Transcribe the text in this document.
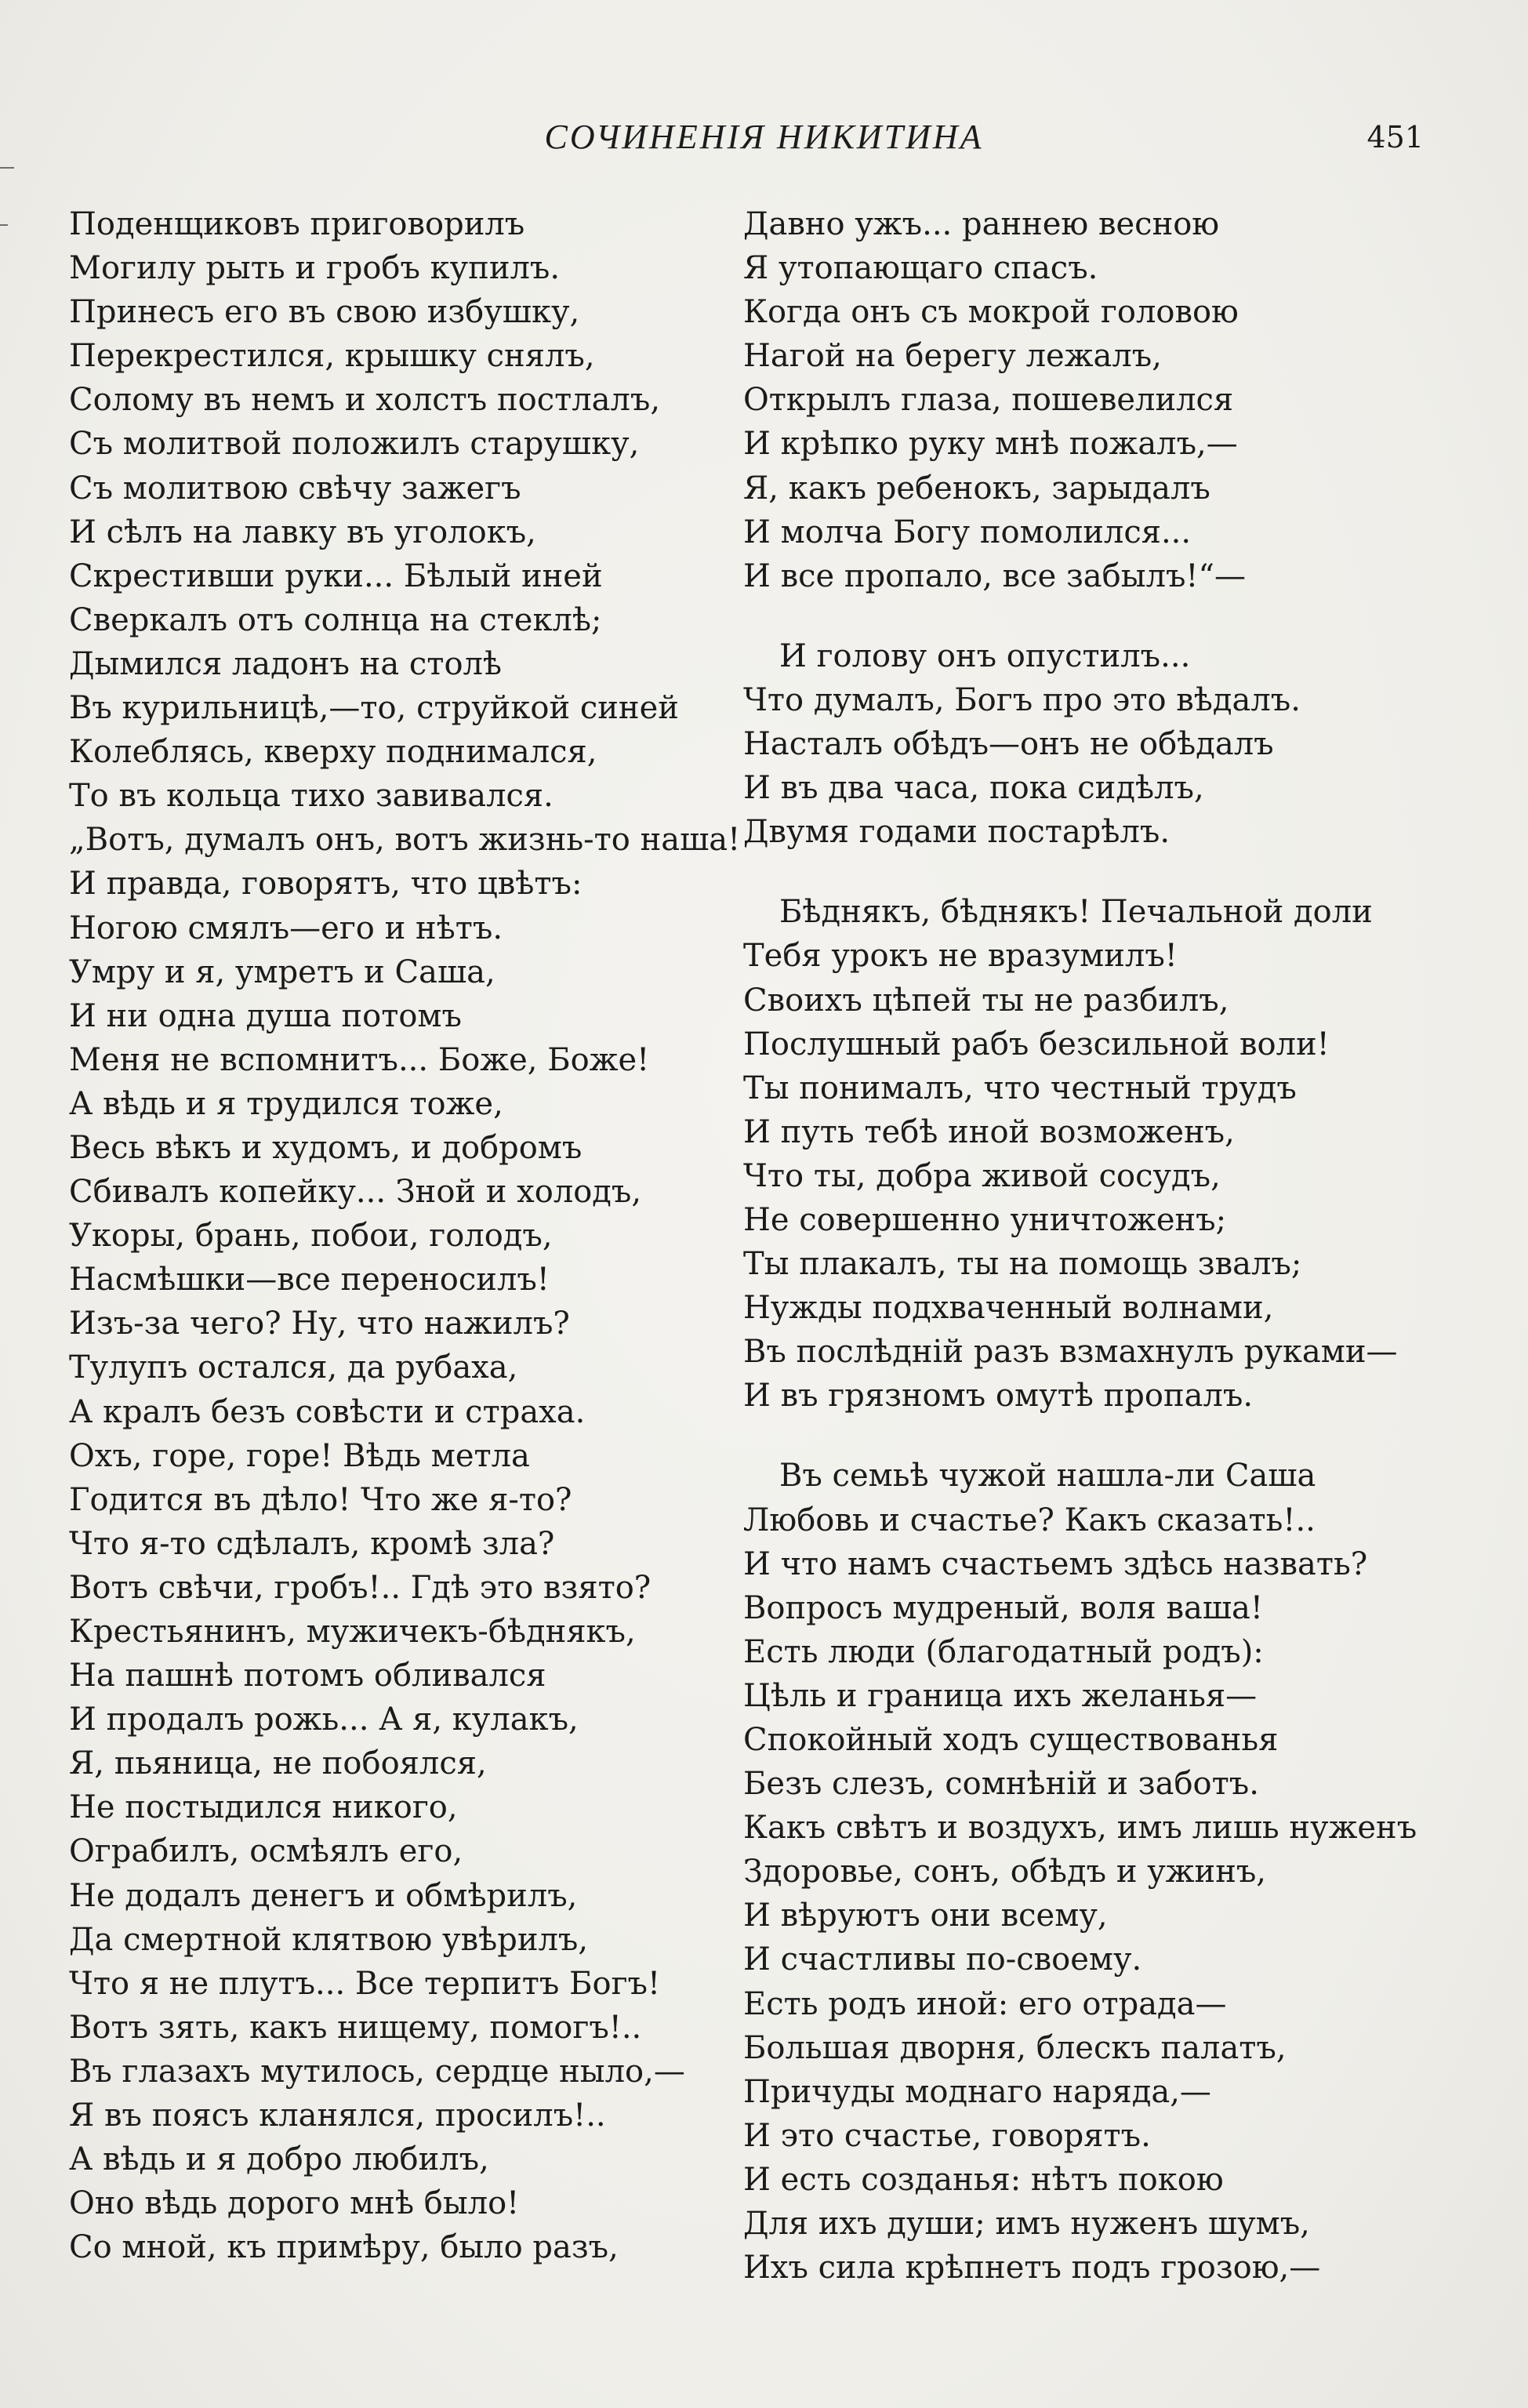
СОЧИНЕНІЯ НИКИТИНА	451
Поденщиковъ приговорилъ
Могилу рыть и гробъ купилъ.
Принесъ его въ свою избушку,
Перекрестился, крышку снялъ,
Солому въ немъ и холстъ постлалъ,
Съ молитвой положилъ старушку,
Съ молитвою свѣчу зажегъ
И сѣлъ на лавку въ уголокъ,
Скрестивши руки... Бѣлый иней
Сверкалъ отъ солнца на стеклѣ;
Дымился ладонъ на столѣ
Въ курильницѣ,—то, струйкой синей
Колеблясь, кверху поднимался,
То въ кольца тихо завивался.
„Вотъ, думалъ онъ, вотъ жизнь-то наша!
И правда, говорятъ, что цвѣтъ:
Ногою смялъ—его и нѣтъ.
Умру и я, умретъ и Саша,
И ни одна душа потомъ
Меня не вспомнитъ... Боже, Боже!
А вѣдь и я трудился тоже,
Весь вѣкъ и худомъ, и добромъ
Сбивалъ копейку... Зной и холодъ,
Укоры, брань, побои, голодъ,
Насмѣшки—все переносилъ!
Изъ-за чего? Ну, что нажилъ?
Тулупъ остался, да рубаха,
А кралъ безъ совѣсти и страха.
Охъ, горе, горе! Вѣдь метла
Годится въ дѣло! Что же я-то?
Что я-то сдѣлалъ, кромѣ зла?
Вотъ свѣчи, гробъ!.. Гдѣ это взято?
Крестьянинъ, мужичекъ-бѣднякъ,
На пашнѣ потомъ обливался
И продалъ рожь... А я, кулакъ,
Я, пьяница, не побоялся,
Не постыдился никого,
Ограбилъ, осмѣялъ его,
Не додалъ денегъ и обмѣрилъ,
Да смертной клятвою увѣрилъ,
Что я не плутъ... Все терпитъ Богъ!
Вотъ зять, какъ нищему, помогъ!..
Въ глазахъ мутилось, сердце ныло,—
Я въ поясъ кланялся, просилъ!..
А вѣдь и я добро любилъ,
Оно вѣдь дорого мнѣ было!
Со мной, къ примѣру, было разъ,
Давно ужъ... раннею весною
Я утопающаго спасъ.
Когда онъ съ мокрой головою
Нагой на берегу лежалъ,
Открылъ глаза, пошевелился
И крѣпко руку мнѣ пожалъ,—
Я, какъ ребенокъ, зарыдалъ
И молча Богу помолился...
И все пропало, все забылъ!“—
И голову онъ опустилъ...
Что думалъ, Богъ про это вѣдалъ.
Насталъ обѣдъ—онъ не обѣдалъ
И въ два часа, пока сидѣлъ,
Двумя годами постарѣлъ.
Бѣднякъ, бѣднякъ! Печальной доли
Тебя урокъ не вразумилъ!
Своихъ цѣпей ты не разбилъ,
Послушный рабъ безсильной воли!
Ты понималъ, что честный трудъ
И путь тебѣ иной возможенъ,
Что ты, добра живой сосудъ,
Не совершенно уничтоженъ;
Ты плакалъ, ты на помощь звалъ;
Нужды подхваченный волнами,
Въ послѣдній разъ взмахнулъ руками—
И въ грязномъ омутѣ пропалъ.
Въ семьѣ чужой нашла-ли Саша
Любовь и счастье? Какъ сказать!..
И что намъ счастьемъ здѣсь назвать?
Вопросъ мудреный, воля ваша!
Есть люди (благодатный родъ):
Цѣль и граница ихъ желанья—
Спокойный ходъ существованья
Безъ слезъ, сомнѣній и заботъ.
Какъ свѣтъ и воздухъ, имъ лишь нуженъ
Здоровье, сонъ, обѣдъ и ужинъ,
И вѣруютъ они всему,
И счастливы по-своему.
Есть родъ иной: его отрада—
Большая дворня, блескъ палатъ,
Причуды моднаго наряда,—
И это счастье, говорятъ.
И есть созданья: нѣтъ покою
Для ихъ души; имъ нуженъ шумъ,
Ихъ сила крѣпнетъ подъ грозою,—
